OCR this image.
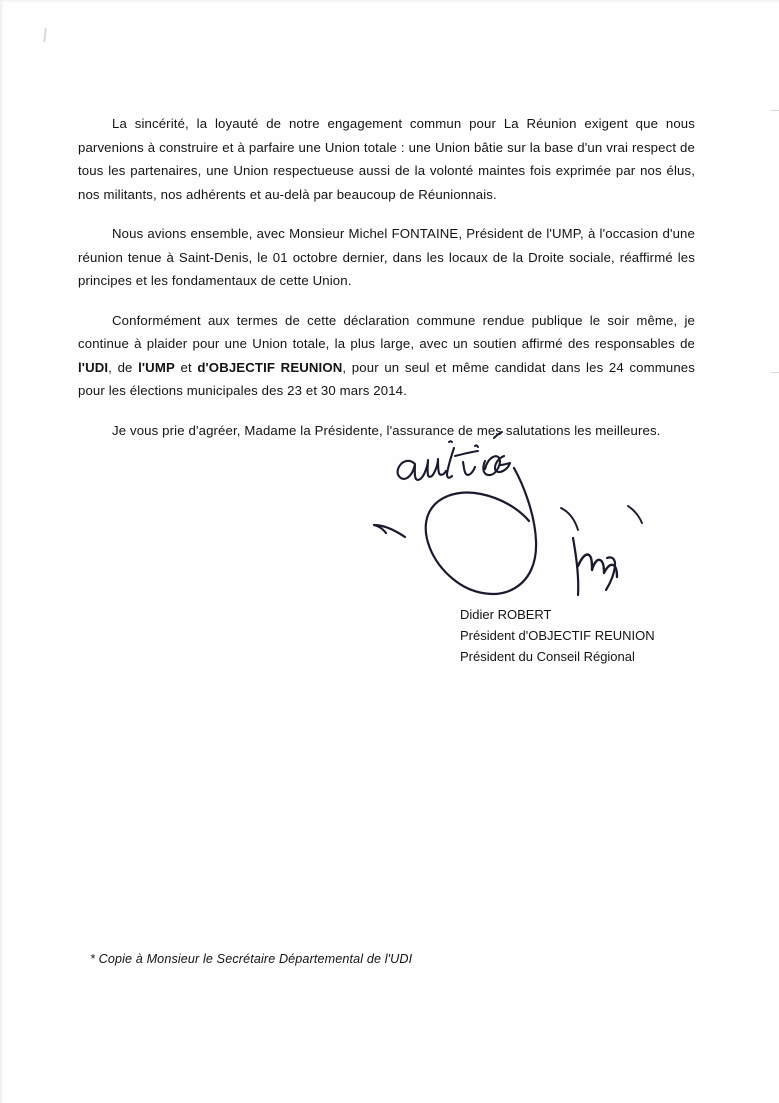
La sincérité, la loyauté de notre engagement commun pour La Réunion exigent que nous parvenions à construire et à parfaire une Union totale : une Union bâtie sur la base d'un vrai respect de tous les partenaires, une Union respectueuse aussi de la volonté maintes fois exprimée par nos élus, nos militants, nos adhérents et au-delà par beaucoup de Réunionnais.

Nous avions ensemble, avec Monsieur Michel FONTAINE, Président de l'UMP, à l'occasion d'une réunion tenue à Saint-Denis, le 01 octobre dernier, dans les locaux de la Droite sociale, réaffirmé les principes et les fondamentaux de cette Union.

Conformément aux termes de cette déclaration commune rendue publique le soir même, je continue à plaider pour une Union totale, la plus large, avec un soutien affirmé des responsables de l'UDI, de l'UMP et d'OBJECTIF REUNION, pour un seul et même candidat dans les 24 communes pour les élections municipales des 23 et 30 mars 2014.

Je vous prie d'agréer, Madame la Présidente, l'assurance de mes salutations les meilleures.

Didier ROBERT
Président d'OBJECTIF REUNION
Président du Conseil Régional
* Copie à Monsieur le Secrétaire Départemental de l'UDI
